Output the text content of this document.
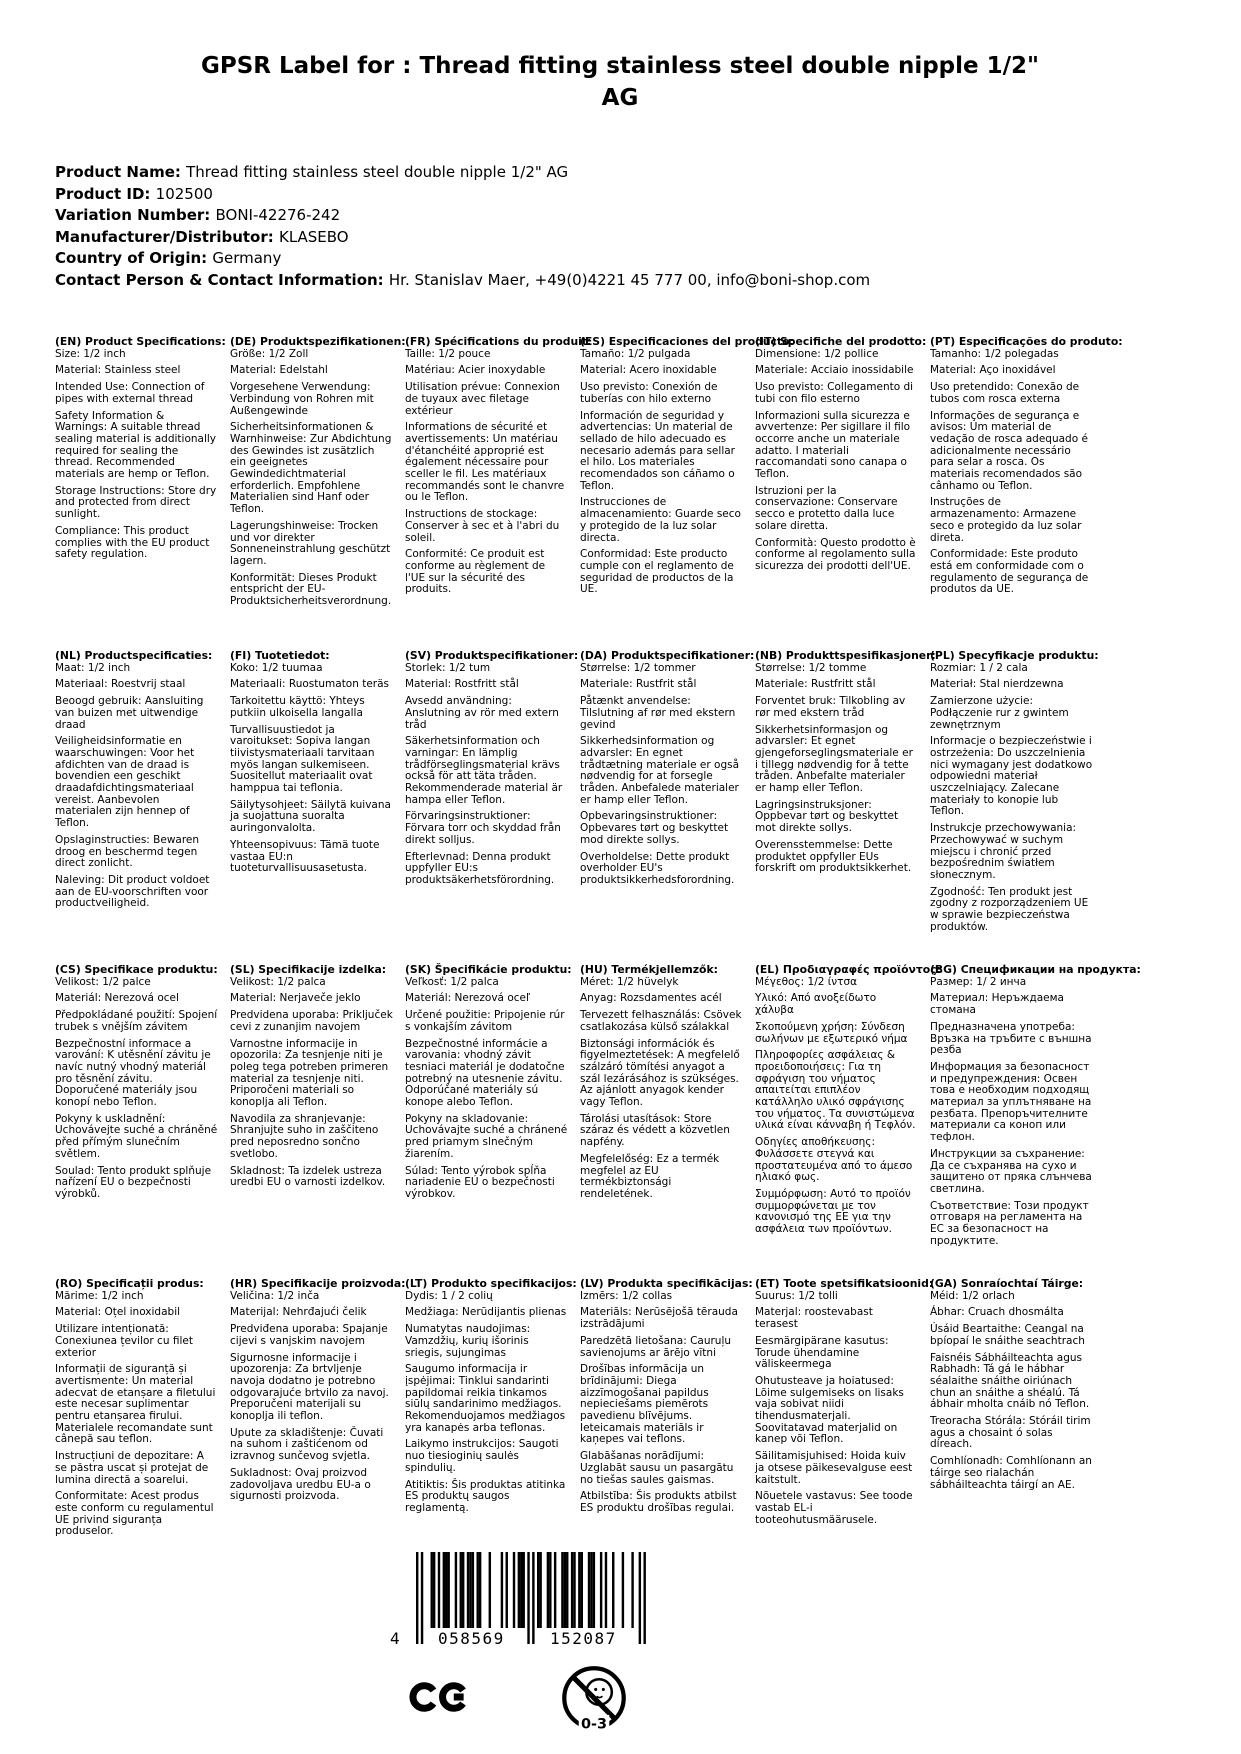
GPSR Label for : Thread fitting stainless steel double nipple 1/2"
AG
Product Name: Thread fitting stainless steel double nipple 1/2" AG
Product ID: 102500
Variation Number: BONI-42276-242
Manufacturer/Distributor: KLASEBO
Country of Origin: Germany
Contact Person & Contact Information: Hr. Stanislav Maer, +49(0)4221 45 777 00, info@boni-shop.com
(EN) Product Specifications:

Size: 1/2 inch

Material: Stainless steel

Intended Use: Connection of pipes with external thread

Safety Information & Warnings: A suitable thread sealing material is additionally required for sealing the thread. Recommended materials are hemp or Teflon.

Storage Instructions: Store dry and protected from direct sunlight.

Compliance: This product complies with the EU product safety regulation.

(DE) Produktspezifikationen:

Größe: 1/2 Zoll

Material: Edelstahl

Vorgesehene Verwendung: Verbindung von Rohren mit Außengewinde

Sicherheitsinformationen & Warnhinweise: Zur Abdichtung des Gewindes ist zusätzlich ein geeignetes Gewindedichtmaterial erforderlich. Empfohlene Materialien sind Hanf oder Teflon.

Lagerungshinweise: Trocken und vor direkter Sonneneinstrahlung geschützt lagern.

Konformität: Dieses Produkt entspricht der EU-Produktsicherheitsverordnung.

(FR) Spécifications du produit:

Taille: 1/2 pouce

Matériau: Acier inoxydable

Utilisation prévue: Connexion de tuyaux avec filetage extérieur

Informations de sécurité et avertissements: Un matériau d'étanchéité approprié est également nécessaire pour sceller le fil. Les matériaux recommandés sont le chanvre ou le Teflon.

Instructions de stockage: Conserver à sec et à l'abri du soleil.

Conformité: Ce produit est conforme au règlement de l'UE sur la sécurité des produits.

(ES) Especificaciones del producto:

Tamaño: 1/2 pulgada

Material: Acero inoxidable

Uso previsto: Conexión de tuberías con hilo externo

Información de seguridad y advertencias: Un material de sellado de hilo adecuado es necesario además para sellar el hilo. Los materiales recomendados son cáñamo o Teflon.

Instrucciones de almacenamiento: Guarde seco y protegido de la luz solar directa.

Conformidad: Este producto cumple con el reglamento de seguridad de productos de la UE.

(IT) Specifiche del prodotto:

Dimensione: 1/2 pollice

Materiale: Acciaio inossidabile

Uso previsto: Collegamento di tubi con filo esterno

Informazioni sulla sicurezza e avvertenze: Per sigillare il filo occorre anche un materiale adatto. I materiali raccomandati sono canapa o Teflon.

Istruzioni per la conservazione: Conservare secco e protetto dalla luce solare diretta.

Conformità: Questo prodotto è conforme al regolamento sulla sicurezza dei prodotti dell'UE.

(PT) Especificações do produto:

Tamanho: 1/2 polegadas

Material: Aço inoxidável

Uso pretendido: Conexão de tubos com rosca externa

Informações de segurança e avisos: Um material de vedação de rosca adequado é adicionalmente necessário para selar a rosca. Os materiais recomendados são cânhamo ou Teflon.

Instruções de armazenamento: Armazene seco e protegido da luz solar direta.

Conformidade: Este produto está em conformidade com o regulamento de segurança de produtos da UE.

(NL) Productspecificaties:

Maat: 1/2 inch

Materiaal: Roestvrij staal

Beoogd gebruik: Aansluiting van buizen met uitwendige draad

Veiligheidsinformatie en waarschuwingen: Voor het afdichten van de draad is bovendien een geschikt draadafdichtingsmateriaal vereist. Aanbevolen materialen zijn hennep of Teflon.

Opslaginstructies: Bewaren droog en beschermd tegen direct zonlicht.

Naleving: Dit product voldoet aan de EU-voorschriften voor productveiligheid.

(FI) Tuotetiedot:

Koko: 1/2 tuumaa

Materiaali: Ruostumaton teräs

Tarkoitettu käyttö: Yhteys putkiin ulkoisella langalla

Turvallisuustiedot ja varoitukset: Sopiva langan tiivistysmateriaali tarvitaan myös langan sulkemiseen. Suositellut materiaalit ovat hamppua tai teflonia.

Säilytysohjeet: Säilytä kuivana ja suojattuna suoralta auringonvalolta.

Yhteensopivuus: Tämä tuote vastaa EU:n tuoteturvallisuusasetusta.

(SV) Produktspecifikationer:

Storlek: 1/2 tum

Material: Rostfritt stål

Avsedd användning: Anslutning av rör med extern tråd

Säkerhetsinformation och varningar: En lämplig trådförseglingsmaterial krävs också för att täta tråden. Rekommenderade material är hampa eller Teflon.

Förvaringsinstruktioner: Förvara torr och skyddad från direkt solljus.

Efterlevnad: Denna produkt uppfyller EU:s produktsäkerhetsförordning.

(DA) Produktspecifikationer:

Størrelse: 1/2 tommer

Materiale: Rustfrit stål

Påtænkt anvendelse: Tilslutning af rør med ekstern gevind

Sikkerhedsinformation og advarsler: En egnet trådtætning materiale er også nødvendig for at forsegle tråden. Anbefalede materialer er hamp eller Teflon.

Opbevaringsinstruktioner: Opbevares tørt og beskyttet mod direkte sollys.

Overholdelse: Dette produkt overholder EU's produktsikkerhedsforordning.

(NB) Produkttspesifikasjoner:

Størrelse: 1/2 tomme

Materiale: Rustfritt stål

Forventet bruk: Tilkobling av rør med ekstern tråd

Sikkerhetsinformasjon og advarsler: Et egnet gjengeforseglingsmateriale er i tillegg nødvendig for å tette tråden. Anbefalte materialer er hamp eller Teflon.

Lagringsinstruksjoner: Oppbevar tørt og beskyttet mot direkte sollys.

Overensstemmelse: Dette produktet oppfyller EUs forskrift om produktsikkerhet.

(PL) Specyfikacje produktu:

Rozmiar: 1 / 2 cala

Materiał: Stal nierdzewna

Zamierzone użycie: Podłączenie rur z gwintem zewnętrznym

Informacje o bezpieczeństwie i ostrzeżenia: Do uszczelnienia nici wymagany jest dodatkowo odpowiedni materiał uszczelniający. Zalecane materiały to konopie lub Teflon.

Instrukcje przechowywania: Przechowywać w suchym miejscu i chronić przed bezpośrednim światłem słonecznym.

Zgodność: Ten produkt jest zgodny z rozporządzeniem UE w sprawie bezpieczeństwa produktów.

(CS) Specifikace produktu:

Velikost: 1/2 palce

Materiál: Nerezová ocel

Předpokládané použití: Spojení trubek s vnějším závitem

Bezpečnostní informace a varování: K utěsnění závitu je navíc nutný vhodný materiál pro těsnění závitu. Doporučené materiály jsou konopí nebo Teflon.

Pokyny k uskladnění: Uchovávejte suché a chráněné před přímým slunečním světlem.

Soulad: Tento produkt splňuje nařízení EU o bezpečnosti výrobků.

(SL) Specifikacije izdelka:

Velikost: 1/2 palca

Material: Nerjaveče jeklo

Predvidena uporaba: Priključek cevi z zunanjim navojem

Varnostne informacije in opozorila: Za tesnjenje niti je poleg tega potreben primeren material za tesnjenje niti. Priporočeni materiali so konoplja ali Teflon.

Navodila za shranjevanje: Shranjujte suho in zaščiteno pred neposredno sončno svetlobo.

Skladnost: Ta izdelek ustreza uredbi EU o varnosti izdelkov.

(SK) Špecifikácie produktu:

Veľkosť: 1/2 palca

Materiál: Nerezová oceľ

Určené použitie: Pripojenie rúr s vonkajším závitom

Bezpečnostné informácie a varovania: vhodný závit tesniaci materiál je dodatočne potrebný na utesnenie závitu. Odporúčané materiály sú konope alebo Teflon.

Pokyny na skladovanie: Uchovávajte suché a chránené pred priamym slnečným žiarením.

Súlad: Tento výrobok spĺňa nariadenie EÚ o bezpečnosti výrobkov.

(HU) Termékjellemzők:

Méret: 1/2 hüvelyk

Anyag: Rozsdamentes acél

Tervezett felhasználás: Csövek csatlakozása külső szálakkal

Biztonsági információk és figyelmeztetések: A megfelelő szálzáró tömítési anyagot a szál lezárásához is szükséges. Az ajánlott anyagok kender vagy Teflon.

Tárolási utasítások: Store száraz és védett a közvetlen napfény.

Megfelelőség: Ez a termék megfelel az EU termékbiztonsági rendeletének.

(EL) Προδιαγραφές προϊόντος:

Μέγεθος: 1/2 ίντσα

Υλικό: Από ανοξείδωτο χάλυβα

Σκοπούμενη χρήση: Σύνδεση σωλήνων με εξωτερικό νήμα

Πληροφορίες ασφάλειας & προειδοποιήσεις: Για τη σφράγιση του νήματος απαιτείται επιπλέον κατάλληλο υλικό σφράγισης του νήματος. Τα συνιστώμενα υλικά είναι κάνναβη ή Τεφλόν.

Οδηγίες αποθήκευσης: Φυλάσσετε στεγνά και προστατευμένα από το άμεσο ηλιακό φως.

Συμμόρφωση: Αυτό το προϊόν συμμορφώνεται με τον κανονισμό της ΕΕ για την ασφάλεια των προϊόντων.

(BG) Спецификации на продукта:

Размер: 1/ 2 инча

Материал: Неръждаема стомана

Предназначена употреба: Връзка на тръбите с външна резба

Информация за безопасност и предупреждения: Освен това е необходим подходящ материал за уплътняване на резбата. Препоръчителните материали са коноп или тефлон.

Инструкции за съхранение: Да се съхранява на сухо и защитено от пряка слънчева светлина.

Съответствие: Този продукт отговаря на регламента на ЕС за безопасност на продуктите.

(RO) Specificații produs:

Mărime: 1/2 inch

Material: Oțel inoxidabil

Utilizare intenționată: Conexiunea țevilor cu filet exterior

Informații de siguranță și avertismente: Un material adecvat de etanșare a filetului este necesar suplimentar pentru etanșarea firului. Materialele recomandate sunt cânepă sau teflon.

Instrucțiuni de depozitare: A se păstra uscat și protejat de lumina directă a soarelui.

Conformitate: Acest produs este conform cu regulamentul UE privind siguranța produselor.

(HR) Specifikacije proizvoda:

Veličina: 1/2 inča

Materijal: Nehrđajući čelik

Predviđena uporaba: Spajanje cijevi s vanjskim navojem

Sigurnosne informacije i upozorenja: Za brtvljenje navoja dodatno je potrebno odgovarajuće brtvilo za navoj. Preporučeni materijali su konoplja ili teflon.

Upute za skladištenje: Čuvati na suhom i zaštićenom od izravnog sunčevog svjetla.

Sukladnost: Ovaj proizvod zadovoljava uredbu EU-a o sigurnosti proizvoda.

(LT) Produkto specifikacijos:

Dydis: 1 / 2 colių

Medžiaga: Nerūdijantis plienas

Numatytas naudojimas: Vamzdžių, kurių išorinis sriegis, sujungimas

Saugumo informacija ir įspėjimai: Tinklui sandarinti papildomai reikia tinkamos siūlų sandarinimo medžiagos. Rekomenduojamos medžiagos yra kanapės arba teflonas.

Laikymo instrukcijos: Saugoti nuo tiesioginių saulės spindulių.

Atitiktis: Šis produktas atitinka ES produktų saugos reglamentą.

(LV) Produkta specifikācijas:

Izmērs: 1/2 collas

Materiāls: Nerūsējošā tērauda izstrādājumi

Paredzētā lietošana: Cauruļu savienojums ar ārējo vītni

Drošības informācija un brīdinājumi: Diega aizzīmogošanai papildus nepieciešams piemērots pavedienu blīvējums. Ieteicamais materiāls ir kaņepes vai teflons.

Glabāšanas norādījumi: Uzglabāt sausu un pasargātu no tiešas saules gaismas.

Atbilstība: Šis produkts atbilst ES produktu drošības regulai.

(ET) Toote spetsifikatsioonid:

Suurus: 1/2 tolli

Materjal: roostevabast terasest

Eesmärgipärane kasutus: Torude ühendamine väliskeermega

Ohutusteave ja hoiatused: Lõime sulgemiseks on lisaks vaja sobivat niidi tihendusmaterjali. Soovitatavad materjalid on kanep või Teflon.

Säilitamisjuhised: Hoida kuiv ja otsese päikesevalguse eest kaitstult.

Nõuetele vastavus: See toode vastab EL-i tooteohutusmäärusele.

(GA) Sonraíochtaí Táirge:

Méid: 1/2 orlach

Ábhar: Cruach dhosmálta

Úsáid Beartaithe: Ceangal na bpíopaí le snáithe seachtrach

Faisnéis Sábháilteachta agus Rabhadh: Tá gá le hábhar séalaithe snáithe oiriúnach chun an snáithe a shéalú. Tá ábhair mholta cnáib nó Teflon.

Treoracha Stórála: Stóráil tirim agus a chosaint ó solas díreach.

Comhlíonadh: Comhlíonann an táirge seo rialachán sábháilteachta táirgí an AE.

4 058569	152087
0-3
